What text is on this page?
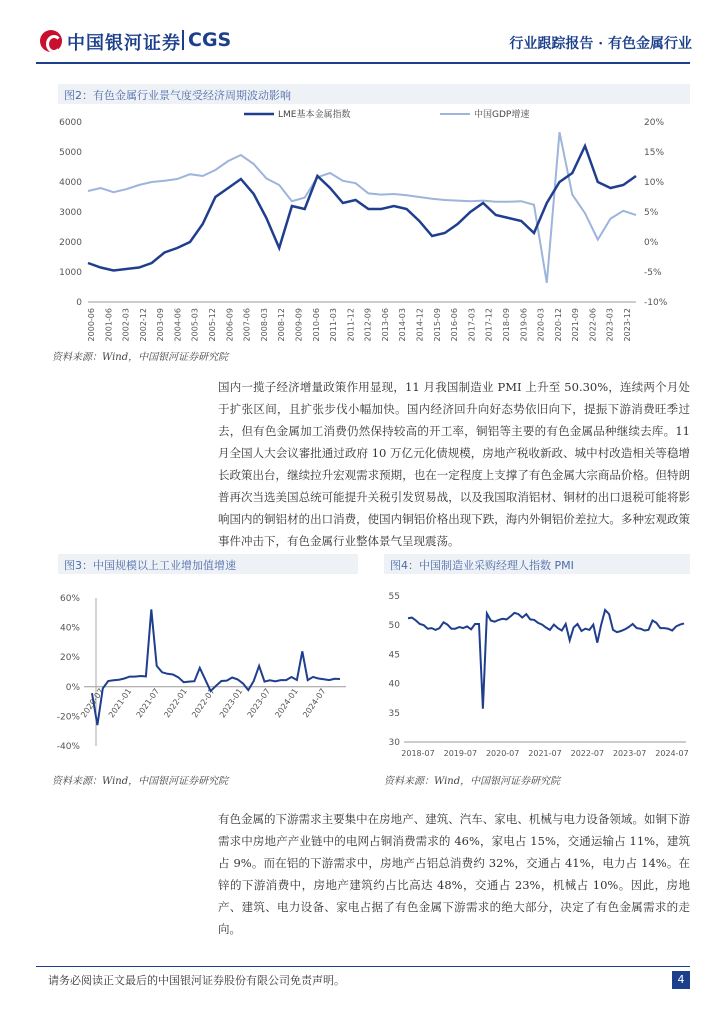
中国银河证券 CGS	行业跟踪报告 · 有色金属行业
图2：有色金属行业景气度受经济周期波动影响
0
1000
2000
3000
4000
5000
6000
-10%
-5%
0%
5%
10%
15%
20%
2000-06 2001-06 2002-03 2002-12 2003-09 2004-06 2005-03 2005-12 2006-09 2007-06 2008-03 2008-12 2009-09 2010-06 2011-03 2011-12 2012-09 2013-06 2014-03 2014-12 2015-09 2016-06 2017-03 2017-12 2018-09 2019-06 2020-03 2020-12 2021-09 2022-06 2023-03 2023-12
LME基本金属指数	中国GDP增速
资料来源：Wind，中国银河证券研究院
国内一揽子经济增量政策作用显现，11 月我国制造业 PMI 上升至 50.30%，连续两个月处于扩张区间，且扩张步伐小幅加快。国内经济回升向好态势依旧向下，提振下游消费旺季过去，但有色金属加工消费仍然保持较高的开工率，铜铝等主要的有色金属品种继续去库。11 月全国人大会议審批通过政府 10 万亿元化债规模，房地产税收新政、城中村改造相关等稳增长政策出台，继续拉升宏观需求预期，也在一定程度上支撑了有色金属大宗商品价格。但特朗普再次当选美国总统可能提升关税引发贸易战，以及我国取消铝材、铜材的出口退税可能将影响国内的铜铝材的出口消费，使国内铜铝价格出现下跌，海内外铜铝价差拉大。多种宏观政策事件冲击下，有色金属行业整体景气呈现震荡。
图3：中国规模以上工业增加值增速
-40%
-20%
0%
20%
40%
60%
2020-07 2021-01 2021-07 2022-01 2022-07 2023-01 2023-07 2024-01 2024-07
资料来源：Wind，中国银河证券研究院
图4：中国制造业采购经理人指数 PMI
30
35
40
45
50
55
2018-07 2019-07 2020-07 2021-07 2022-07 2023-07 2024-07
资料来源：Wind，中国银河证券研究院
有色金属的下游需求主要集中在房地产、建筑、汽车、家电、机械与电力设备领域。如铜下游需求中房地产产业链中的电网占铜消费需求的 46%，家电占 15%，交通运输占 11%，建筑占 9%。而在铝的下游需求中，房地产占铝总消费约 32%，交通占 41%，电力占 14%。在锌的下游消费中，房地产建筑约占比高达 48%，交通占 23%，机械占 10%。因此，房地产、建筑、电力设备、家电占据了有色金属下游需求的绝大部分，决定了有色金属需求的走向。
请务必阅读正文最后的中国银河证券股份有限公司免责声明。	4
